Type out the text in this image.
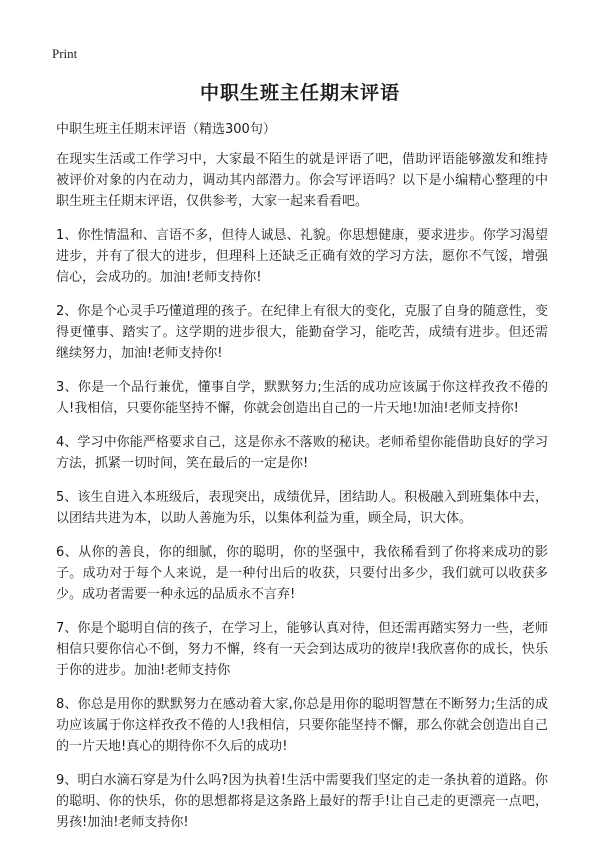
Print
中职生班主任期末评语

中职生班主任期末评语（精选300句）

在现实生活或工作学习中，大家最不陌生的就是评语了吧，借助评语能够激发和维持被评价对象的内在动力，调动其内部潜力。你会写评语吗？以下是小编精心整理的中职生班主任期末评语，仅供参考，大家一起来看看吧。

1、你性情温和、言语不多，但待人诚恳、礼貌。你思想健康，要求进步。你学习渴望进步，并有了很大的进步，但理科上还缺乏正确有效的学习方法，愿你不气馁，增强信心，会成功的。加油!老师支持你!

2、你是个心灵手巧懂道理的孩子。在纪律上有很大的变化，克服了自身的随意性，变得更懂事、踏实了。这学期的进步很大，能勤奋学习，能吃苦，成绩有进步。但还需继续努力，加油!老师支持你!

3、你是一个品行兼优，懂事自学，默默努力;生活的成功应该属于你这样孜孜不倦的人!我相信，只要你能坚持不懈，你就会创造出自己的一片天地!加油!老师支持你!

4、学习中你能严格要求自己，这是你永不落败的秘诀。老师希望你能借助良好的学习方法，抓紧一切时间，笑在最后的一定是你!

5、该生自进入本班级后，表现突出，成绩优异，团结助人。积极融入到班集体中去，以团结共进为本，以助人善施为乐，以集体利益为重，顾全局，识大体。

6、从你的善良，你的细腻，你的聪明，你的坚强中，我依稀看到了你将来成功的影子。成功对于每个人来说，是一种付出后的收获，只要付出多少，我们就可以收获多少。成功者需要一种永远的品质永不言弃!

7、你是个聪明自信的孩子，在学习上，能够认真对待，但还需再踏实努力一些，老师相信只要你信心不倒，努力不懈，终有一天会到达成功的彼岸!我欣喜你的成长，快乐于你的进步。加油!老师支持你

8、你总是用你的默默努力在感动着大家,你总是用你的聪明智慧在不断努力;生活的成功应该属于你这样孜孜不倦的人!我相信，只要你能坚持不懈，那么你就会创造出自己的一片天地!真心的期待你不久后的成功!

9、明白水滴石穿是为什么吗?因为执着!生活中需要我们坚定的走一条执着的道路。你的聪明、你的快乐，你的思想都将是这条路上最好的帮手!让自己走的更漂亮一点吧，男孩!加油!老师支持你!
